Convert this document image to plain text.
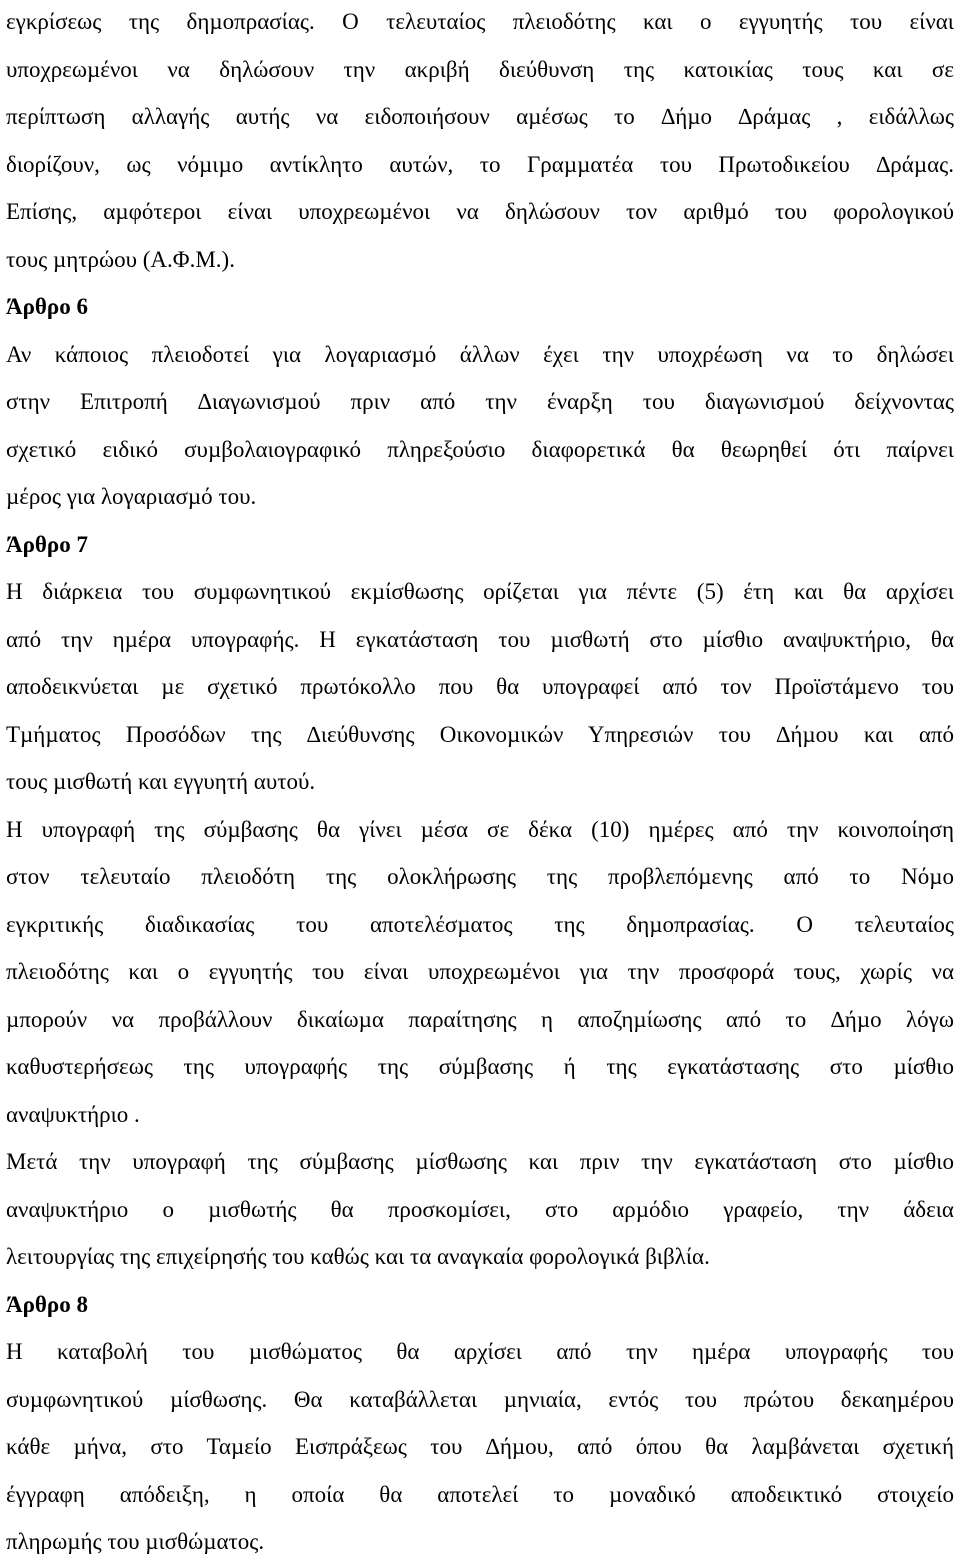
εγκρίσεως της δηµοπρασίας. Ο τελευταίος πλειοδότης και ο εγγυητής του είναι
υποχρεωµένοι να δηλώσουν την ακριβή διεύθυνση της κατοικίας τους και σε
περίπτωση αλλαγής αυτής να ειδοποιήσουν αµέσως το ∆ήµο ∆ράµας , ειδάλλως
διορίζουν, ως νόµιµο αντίκλητο αυτών, το Γραµµατέα του Πρωτοδικείου ∆ράµας.
Επίσης, αµφότεροι είναι υποχρεωµένοι να δηλώσουν τον αριθµό του φορολογικού
τους µητρώου (Α.Φ.Μ.).

Άρθρο 6

Αν κάποιος πλειοδοτεί για λογαριασµό άλλων έχει την υποχρέωση να το δηλώσει
στην Επιτροπή ∆ιαγωνισµού πριν από την έναρξη του διαγωνισµού δείχνοντας
σχετικό ειδικό συµβολαιογραφικό πληρεξούσιο διαφορετικά θα θεωρηθεί ότι παίρνει
µέρος για λογαριασµό του.

Άρθρο 7

Η διάρκεια του συµφωνητικού εκµίσθωσης ορίζεται για πέντε (5) έτη και θα αρχίσει
από την ηµέρα υπογραφής. Η εγκατάσταση του µισθωτή στο µίσθιο αναψυκτήριο, θα
αποδεικνύεται µε σχετικό πρωτόκολλο που θα υπογραφεί από τον Προϊστάµενο του
Τµήµατος Προσόδων της ∆ιεύθυνσης Οικονοµικών Υπηρεσιών του ∆ήµου και από
τους µισθωτή και εγγυητή αυτού.

Η υπογραφή της σύµβασης θα γίνει µέσα σε δέκα (10) ηµέρες από την κοινοποίηση
στον τελευταίο πλειοδότη της ολοκλήρωσης της προβλεπόµενης από το Νόµο
εγκριτικής διαδικασίας του αποτελέσµατος της δηµοπρασίας. Ο τελευταίος
πλειοδότης και ο εγγυητής του είναι υποχρεωµένοι για την προσφορά τους, χωρίς να
µπορούν να προβάλλουν δικαίωµα παραίτησης η αποζηµίωσης από το ∆ήµο λόγω
καθυστερήσεως της υπογραφής της σύµβασης ή της εγκατάστασης στο µίσθιο
αναψυκτήριο .

Μετά την υπογραφή της σύµβασης µίσθωσης και πριν την εγκατάσταση στο µίσθιο
αναψυκτήριο ο µισθωτής θα προσκοµίσει, στο αρµόδιο γραφείο, την άδεια
λειτουργίας της επιχείρησής του καθώς και τα αναγκαία φορολογικά βιβλία.

Άρθρο 8

Η καταβολή του µισθώµατος θα αρχίσει από την ηµέρα υπογραφής του
συµφωνητικού µίσθωσης. Θα καταβάλλεται µηνιαία, εντός του πρώτου δεκαηµέρου
κάθε µήνα, στο Ταµείο Εισπράξεως του ∆ήµου, από όπου θα λαµβάνεται σχετική
έγγραφη απόδειξη, η οποία θα αποτελεί το µοναδικό αποδεικτικό στοιχείο
πληρωµής του µισθώµατος.
